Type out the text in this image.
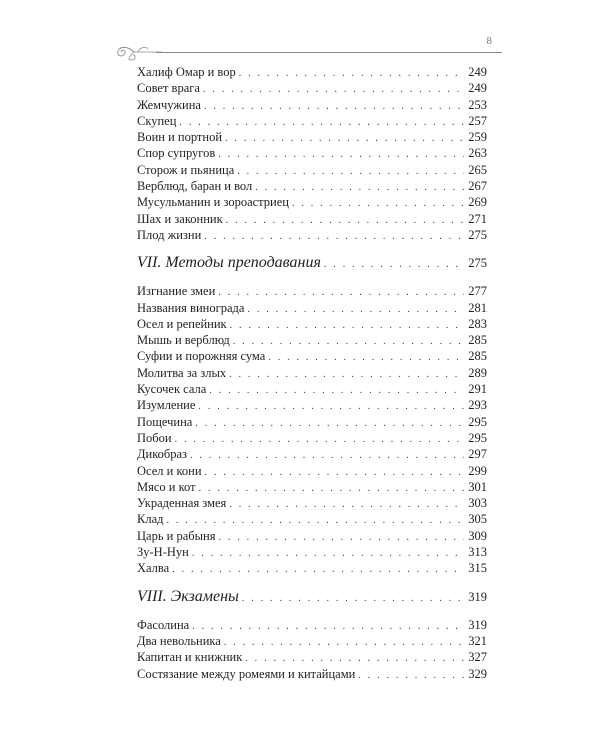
8
Халиф Омар и вор . . .	249
Совет врага . . .	249
Жемчужина . . .	253
Скупец . . .	257
Воин и портной . . .	259
Спор супругов . . .	263
Сторож и пьяница . . .	265
Верблюд, баран и вол . . .	267
Мусульманин и зороастриец . . .	269
Шах и законник . . .	271
Плод жизни . . .	275
VII. Методы преподавания . . .	275
Изгнание змеи . . .	277
Названия винограда . . .	281
Осел и репейник . . .	283
Мышь и верблюд . . .	285
Суфии и порожняя сума . . .	285
Молитва за злых . . .	289
Кусочек сала . . .	291
Изумление . . .	293
Пощечина . . .	295
Побои . . .	295
Дикобраз . . .	297
Осел и кони . . .	299
Мясо и кот . . .	301
Украденная змея . . .	303
Клад . . .	305
Царь и рабыня . . .	309
Зу-Н-Нун . . .	313
Халва . . .	315
VIII. Экзамены . . .	319
Фасолина . . .	319
Два невольника . . .	321
Капитан и книжник . . .	327
Состязание между ромеями и китайцами . . .	329
